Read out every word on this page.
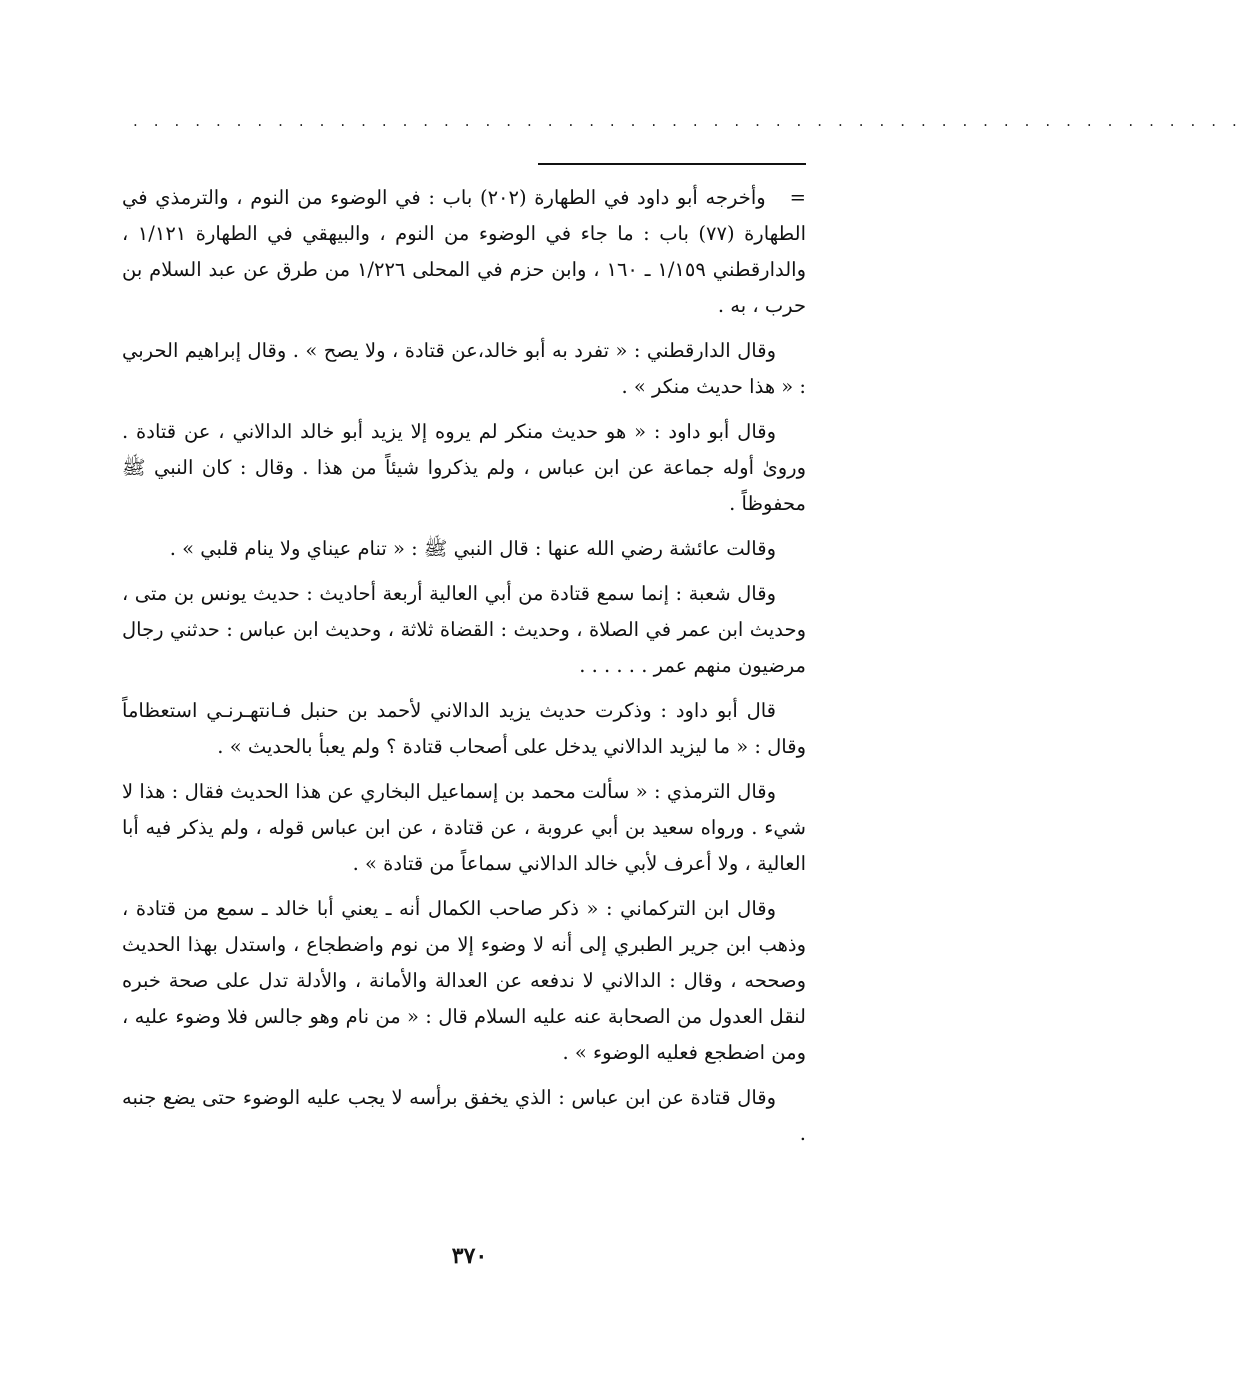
. . . . . . . . . . . . . . . . . . . . . . . . . . . . . . . . . . . . . . . . . . . . . . . . . . . . . .

=وأخرجه أبو داود في الطهارة (٢٠٢) باب : في الوضوء من النوم ، والترمذي في الطهارة (٧٧) باب : ما جاء في الوضوء من النوم ، والبيهقي في الطهارة ١/١٢١ ، والدارقطني ١/١٥٩ ـ ١٦٠ ، وابن حزم في المحلى ١/٢٢٦ من طرق عن عبد السلام بن حرب ، به .

وقال الدارقطني : « تفرد به أبو خالد،عن قتادة ، ولا يصح » . وقال إبراهيم الحربي : « هذا حديث منكر » .

وقال أبو داود : « هو حديث منكر لم يروه إلا يزيد أبو خالد الدالاني ، عن قتادة . وروىٰ أوله جماعة عن ابن عباس ، ولم يذكروا شيئاً من هذا . وقال : كان النبي ﷺ محفوظاً .

وقالت عائشة رضي الله عنها : قال النبي ﷺ : « تنام عيناي ولا ينام قلبي » .

وقال شعبة : إنما سمع قتادة من أبي العالية أربعة أحاديث : حديث يونس بن متى ، وحديث ابن عمر في الصلاة ، وحديث : القضاة ثلاثة ، وحديث ابن عباس : حدثني رجال مرضيون منهم عمر . . . . . .

قال أبو داود : وذكرت حديث يزيد الدالاني لأحمد بن حنبل فـانتهـرنـي استعظاماً وقال : « ما ليزيد الدالاني يدخل على أصحاب قتادة ؟ ولم يعبأ بالحديث » .

وقال الترمذي : « سألت محمد بن إسماعيل البخاري عن هذا الحديث فقال : هذا لا شيء . ورواه سعيد بن أبي عروبة ، عن قتادة ، عن ابن عباس قوله ، ولم يذكر فيه أبا العالية ، ولا أعرف لأبي خالد الدالاني سماعاً من قتادة » .

وقال ابن التركماني : « ذكر صاحب الكمال أنه ـ يعني أبا خالد ـ سمع من قتادة ، وذهب ابن جرير الطبري إلى أنه لا وضوء إلا من نوم واضطجاع ، واستدل بهذا الحديث وصححه ، وقال : الدالاني لا ندفعه عن العدالة والأمانة ، والأدلة تدل على صحة خبره لنقل العدول من الصحابة عنه عليه السلام قال : « من نام وهو جالس فلا وضوء عليه ، ومن اضطجع فعليه الوضوء » .

وقال قتادة عن ابن عباس : الذي يخفق برأسه لا يجب عليه الوضوء حتى يضع جنبه .

٣٧٠
